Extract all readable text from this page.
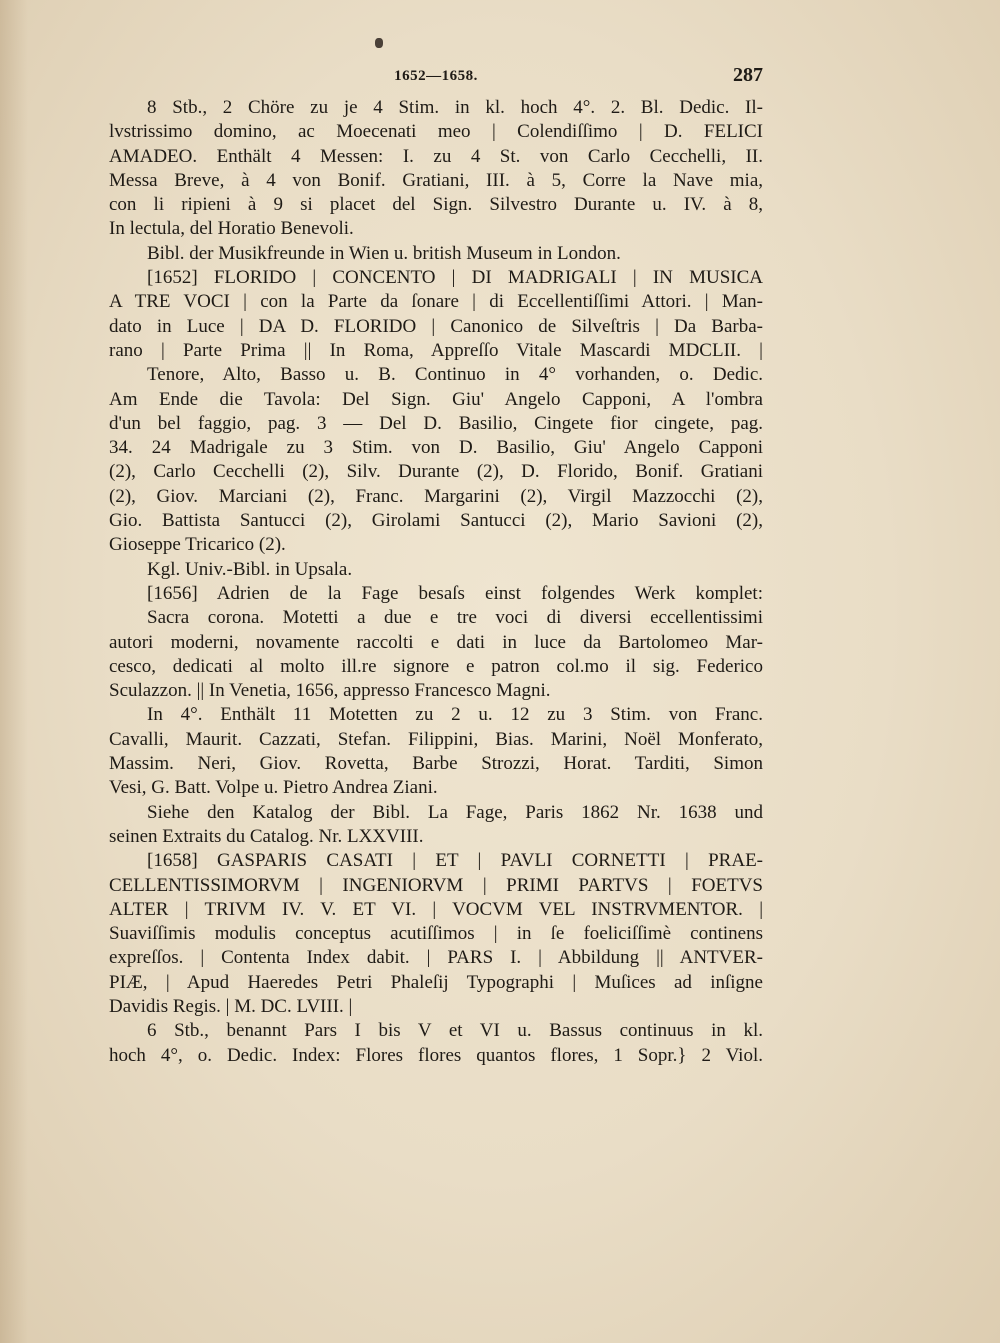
1652—1658.	287
8 Stb., 2 Chöre zu je 4 Stim. in kl. hoch 4°. 2. Bl. Dedic. Il-
lvstrissimo domino, ac Moecenati meo | Colendiſſimo | D. FELICI
AMADEO. Enthält 4 Messen: I. zu 4 St. von Carlo Cecchelli, II.
Messa Breve, à 4 von Bonif. Gratiani, III. à 5, Corre la Nave mia,
con li ripieni à 9 si placet del Sign. Silvestro Durante u. IV. à 8,
In lectula, del Horatio Benevoli.
Bibl. der Musikfreunde in Wien u. british Museum in London.
[1652] FLORIDO | CONCENTO | DI MADRIGALI | IN MUSICA
A TRE VOCI | con la Parte da ſonare | di Eccellentiſſimi Attori. | Man-
dato in Luce | DA D. FLORIDO | Canonico de Silveſtris | Da Barba-
rano | Parte Prima || In Roma, Appreſſo Vitale Mascardi MDCLII. |
Tenore, Alto, Basso u. B. Continuo in 4° vorhanden, o. Dedic.
Am Ende die Tavola: Del Sign. Giu' Angelo Capponi, A l'ombra
d'un bel faggio, pag. 3 — Del D. Basilio, Cingete fior cingete, pag.
34. 24 Madrigale zu 3 Stim. von D. Basilio, Giu' Angelo Capponi
(2), Carlo Cecchelli (2), Silv. Durante (2), D. Florido, Bonif. Gratiani
(2), Giov. Marciani (2), Franc. Margarini (2), Virgil Mazzocchi (2),
Gio. Battista Santucci (2), Girolami Santucci (2), Mario Savioni (2),
Gioseppe Tricarico (2).
Kgl. Univ.-Bibl. in Upsala.
[1656] Adrien de la Fage besaſs einst folgendes Werk komplet:
Sacra corona. Motetti a due e tre voci di diversi eccellentissimi
autori moderni, novamente raccolti e dati in luce da Bartolomeo Mar-
cesco, dedicati al molto ill.re signore e patron col.mo il sig. Federico
Sculazzon. || In Venetia, 1656, appresso Francesco Magni.
In 4°. Enthält 11 Motetten zu 2 u. 12 zu 3 Stim. von Franc.
Cavalli, Maurit. Cazzati, Stefan. Filippini, Bias. Marini, Noël Monferato,
Massim. Neri, Giov. Rovetta, Barbe Strozzi, Horat. Tarditi, Simon
Vesi, G. Batt. Volpe u. Pietro Andrea Ziani.
Siehe den Katalog der Bibl. La Fage, Paris 1862 Nr. 1638 und
seinen Extraits du Catalog. Nr. LXXVIII.
[1658] GASPARIS CASATI | ET | PAVLI CORNETTI | PRAE-
CELLENTISSIMORVM | INGENIORVM | PRIMI PARTVS | FOETVS
ALTER | TRIVM IV. V. ET VI. | VOCVM VEL INSTRVMENTOR. |
Suaviſſimis modulis conceptus acutiſſimos | in ſe foeliciſſimè continens
expreſſos. | Contenta Index dabit. | PARS I. | Abbildung || ANTVER-
PIÆ, | Apud Haeredes Petri Phaleſij Typographi | Muſices ad inſigne
Davidis Regis. | M. DC. LVIII. |
6 Stb., benannt Pars I bis V et VI u. Bassus continuus in kl.
hoch 4°, o. Dedic. Index: Flores flores quantos flores, 1 Sopr.} 2 Viol.
